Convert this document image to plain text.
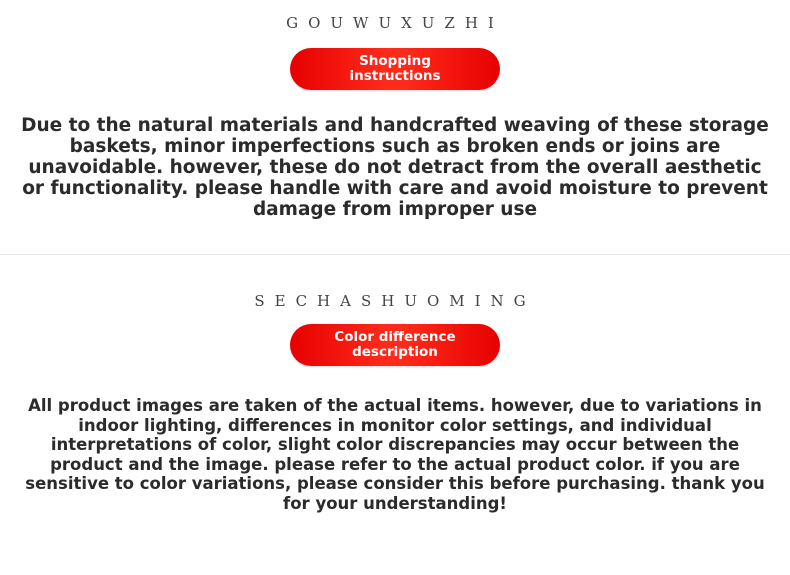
GOUWUXUZHI
Shopping instructions
Due to the natural materials and handcrafted weaving of these storage baskets, minor imperfections such as broken ends or joins are unavoidable. however, these do not detract from the overall aesthetic or functionality. please handle with care and avoid moisture to prevent damage from improper use
SECHASHUOMING
Color difference description
All product images are taken of the actual items. however, due to variations in indoor lighting, differences in monitor color settings, and individual interpretations of color, slight color discrepancies may occur between the product and the image. please refer to the actual product color. if you are sensitive to color variations, please consider this before purchasing. thank you for your understanding!
